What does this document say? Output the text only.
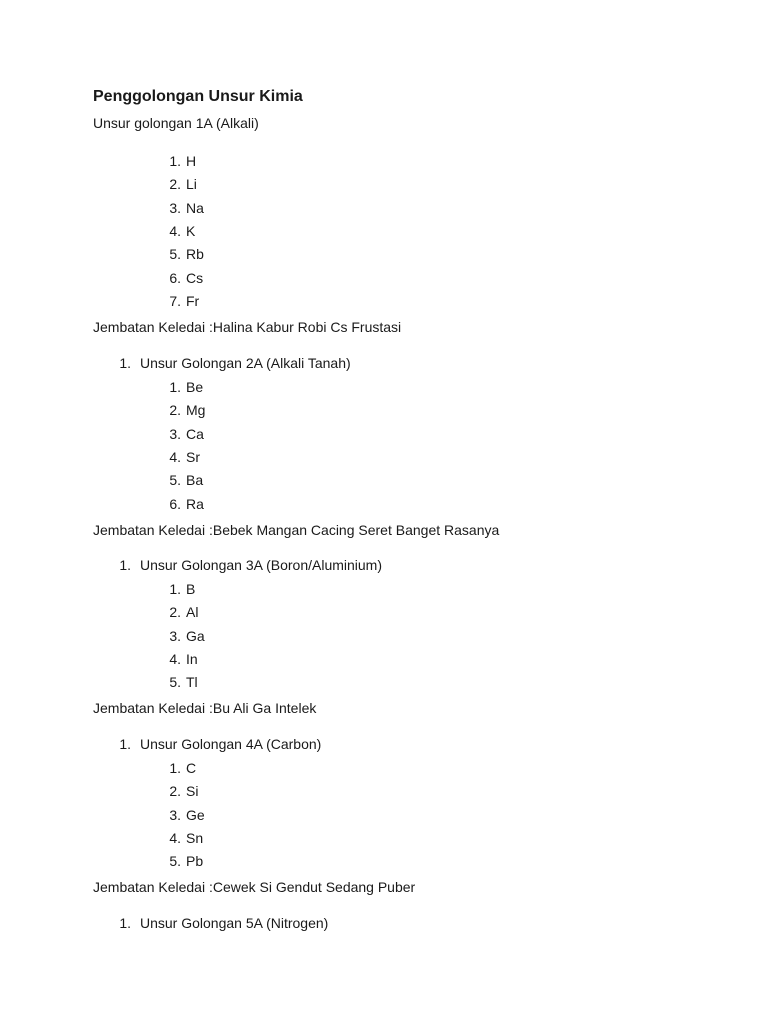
Penggolongan Unsur Kimia
Unsur golongan 1A (Alkali)
1. H
2. Li
3. Na
4. K
5. Rb
6. Cs
7. Fr
Jembatan Keledai :Halina Kabur Robi Cs Frustasi
1. Unsur Golongan 2A (Alkali Tanah)
1. Be
2. Mg
3. Ca
4. Sr
5. Ba
6. Ra
Jembatan Keledai :Bebek Mangan Cacing Seret Banget Rasanya
1. Unsur Golongan 3A (Boron/Aluminium)
1. B
2. Al
3. Ga
4. In
5. Tl
Jembatan Keledai :Bu Ali Ga Intelek
1. Unsur Golongan 4A (Carbon)
1. C
2. Si
3. Ge
4. Sn
5. Pb
Jembatan Keledai :Cewek Si Gendut Sedang Puber
1. Unsur Golongan 5A (Nitrogen)
